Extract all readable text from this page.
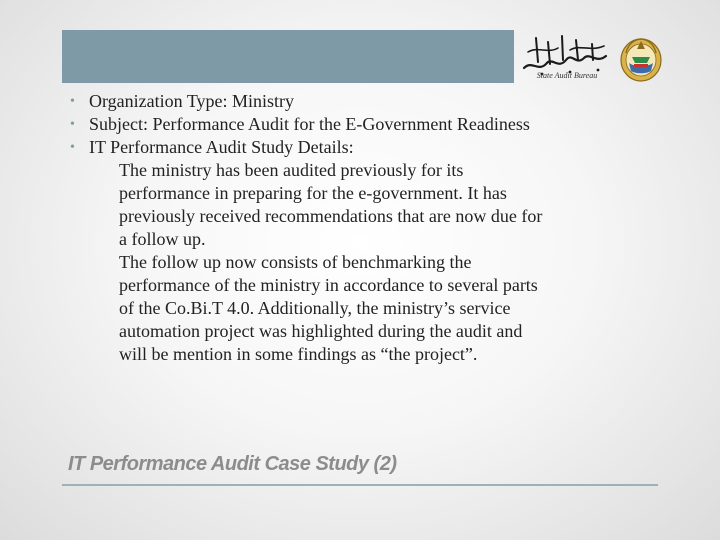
State Audit Bureau
• Organization Type: Ministry
• Subject: Performance Audit for the E-Government Readiness
• IT Performance Audit Study Details:
The ministry has been audited previously for its
performance in preparing for the e-government. It has
previously received recommendations that are now due for
a follow up.
The follow up now consists of benchmarking the
performance of the ministry in accordance to several parts
of the Co.Bi.T 4.0. Additionally, the ministry’s service
automation project was highlighted during the audit and
will be mention in some findings as “the project”.
IT Performance Audit Case Study (2)
